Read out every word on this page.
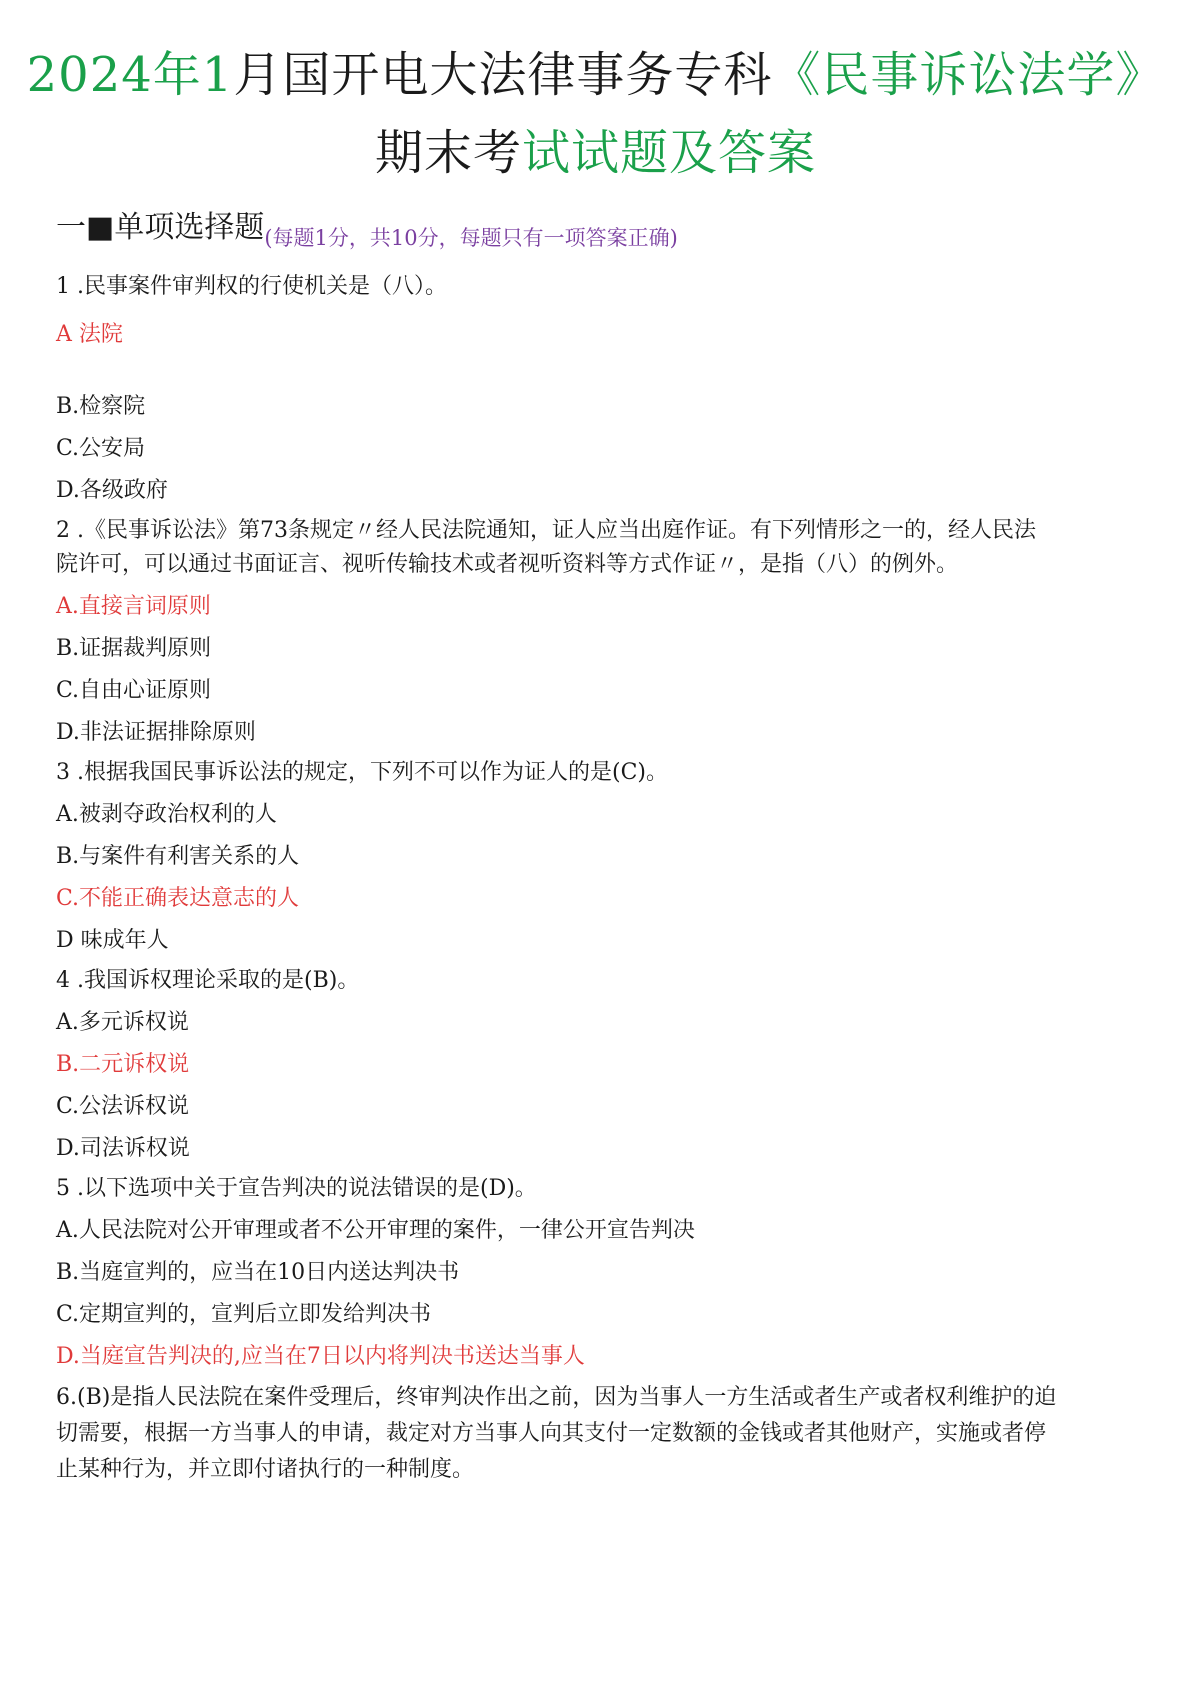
2024年1月国开电大法律事务专科《民事诉讼法学》
期末考试试题及答案
一■单项选择题(每题1分，共10分，每题只有一项答案正确)

1 .民事案件审判权的行使机关是（八）。

A 法院

B.检察院

C.公安局

D.各级政府

2 .《民事诉讼法》第73条规定〃经人民法院通知，证人应当出庭作证。有下列情形之一的，经人民法

院许可，可以通过书面证言、视听传输技术或者视听资料等方式作证〃，是指（八）的例外。

A.直接言词原则

B.证据裁判原则

C.自由心证原则

D.非法证据排除原则

3 .根据我国民事诉讼法的规定，下列不可以作为证人的是(C)。

A.被剥夺政治权利的人

B.与案件有利害关系的人

C.不能正确表达意志的人

D 味成年人

4 .我国诉权理论采取的是(B)。

A.多元诉权说

B.二元诉权说

C.公法诉权说

D.司法诉权说

5 .以下选项中关于宣告判决的说法错误的是(D)。

A.人民法院对公开审理或者不公开审理的案件，一律公开宣告判决

B.当庭宣判的，应当在10日内送达判决书

C.定期宣判的，宣判后立即发给判决书

D.当庭宣告判决的,应当在7日以内将判决书送达当事人

6.(B)是指人民法院在案件受理后，终审判决作出之前，因为当事人一方生活或者生产或者权利维护的迫

切需要，根据一方当事人的申请，裁定对方当事人向其支付一定数额的金钱或者其他财产，实施或者停

止某种行为，并立即付诸执行的一种制度。
